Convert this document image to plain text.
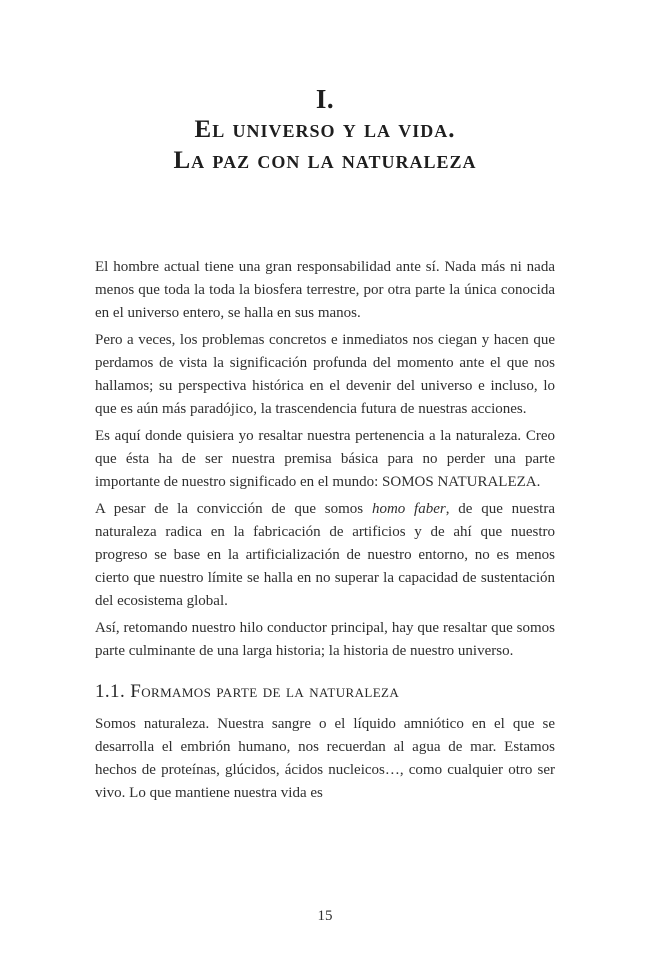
I.
El universo y la vida.
La paz con la naturaleza

El hombre actual tiene una gran responsabilidad ante sí. Nada más ni nada menos que toda la toda la biosfera terrestre, por otra parte la única conocida en el universo entero, se halla en sus manos.

Pero a veces, los problemas concretos e inmediatos nos ciegan y hacen que perdamos de vista la significación profunda del momento ante el que nos hallamos; su perspectiva histórica en el devenir del universo e incluso, lo que es aún más paradójico, la trascendencia futura de nuestras acciones.

Es aquí donde quisiera yo resaltar nuestra pertenencia a la naturaleza. Creo que ésta ha de ser nuestra premisa básica para no perder una parte importante de nuestro significado en el mundo: SOMOS NATURALEZA.

A pesar de la convicción de que somos homo faber, de que nuestra naturaleza radica en la fabricación de artificios y de ahí que nuestro progreso se base en la artificialización de nuestro entorno, no es menos cierto que nuestro límite se halla en no superar la capacidad de sustentación del ecosistema global.

Así, retomando nuestro hilo conductor principal, hay que resaltar que somos parte culminante de una larga historia; la historia de nuestro universo.

1.1. Formamos parte de la naturaleza

Somos naturaleza. Nuestra sangre o el líquido amniótico en el que se desarrolla el embrión humano, nos recuerdan al agua de mar. Estamos hechos de proteínas, glúcidos, ácidos nucleicos…, como cualquier otro ser vivo. Lo que mantiene nuestra vida es

15
